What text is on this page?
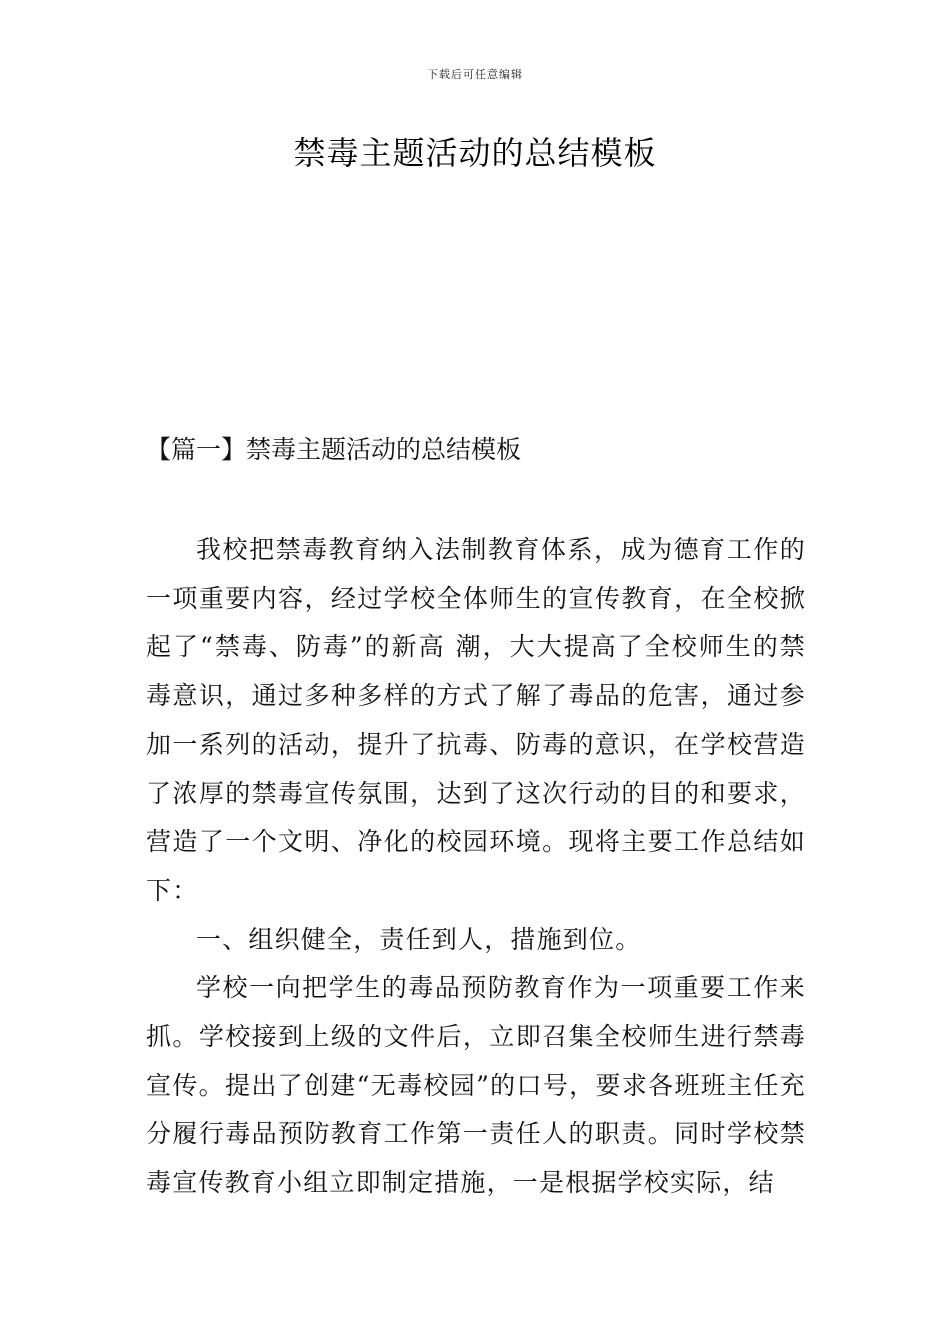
下载后可任意编辑
禁毒主题活动的总结模板
【篇一】禁毒主题活动的总结模板

我校把禁毒教育纳入法制教育体系，成为德育工作的一项重要内容，经过学校全体师生的宣传教育，在全校掀起了“禁毒、防毒”的新高 潮，大大提高了全校师生的禁毒意识，通过多种多样的方式了解了毒品的危害，通过参加一系列的活动，提升了抗毒、防毒的意识，在学校营造了浓厚的禁毒宣传氛围，达到了这次行动的目的和要求，营造了一个文明、净化的校园环境。现将主要工作总结如下：

一、组织健全，责任到人，措施到位。

学校一向把学生的毒品预防教育作为一项重要工作来抓。学校接到上级的文件后，立即召集全校师生进行禁毒宣传。提出了创建“无毒校园”的口号，要求各班班主任充分履行毒品预防教育工作第一责任人的职责。同时学校禁毒宣传教育小组立即制定措施，一是根据学校实际，结
